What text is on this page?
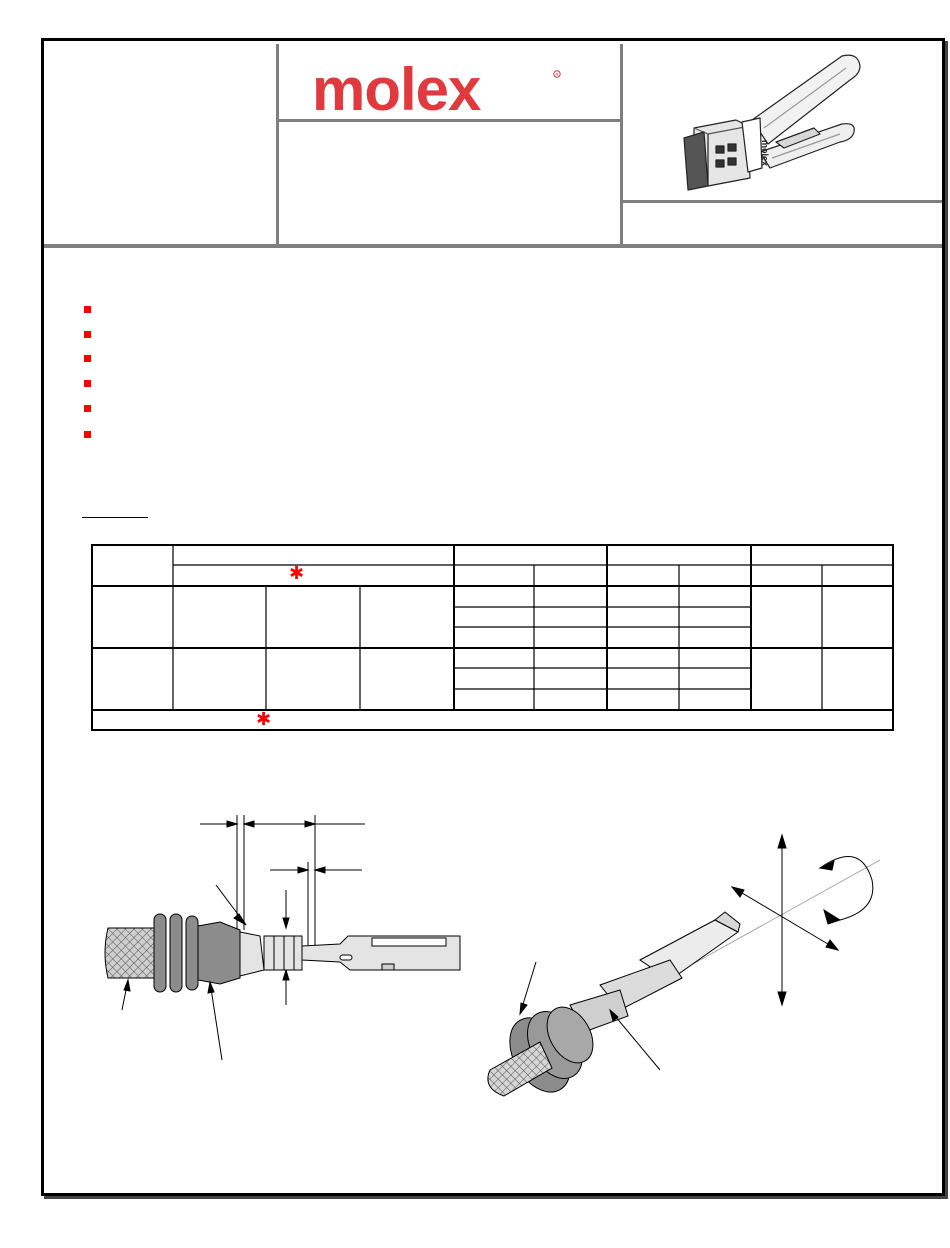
molex	R
molex
✱
✱
